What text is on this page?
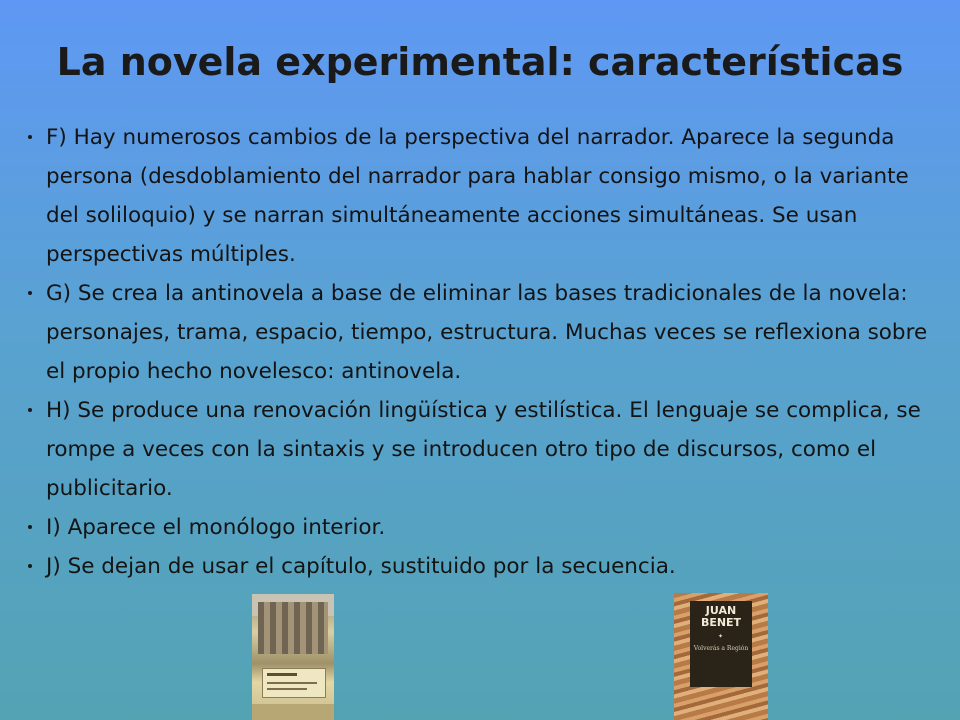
La novela experimental: características
F) Hay numerosos cambios de la perspectiva del narrador. Aparece la segunda persona (desdoblamiento del narrador para hablar consigo mismo, o la variante del soliloquio) y se narran simultáneamente acciones simultáneas. Se usan perspectivas múltiples.
G) Se crea la antinovela a base de eliminar las bases tradicionales de la novela: personajes, trama, espacio, tiempo, estructura. Muchas veces se reflexiona sobre el propio hecho novelesco: antinovela.
H) Se produce una renovación lingüística y estilística. El lenguaje se complica, se rompe a veces con la sintaxis y se introducen otro tipo de discursos, como el publicitario.
I) Aparece el monólogo interior.
J) Se dejan de usar el capítulo, sustituido por la secuencia.
JUAN BENET
✦
Volverás a Región
